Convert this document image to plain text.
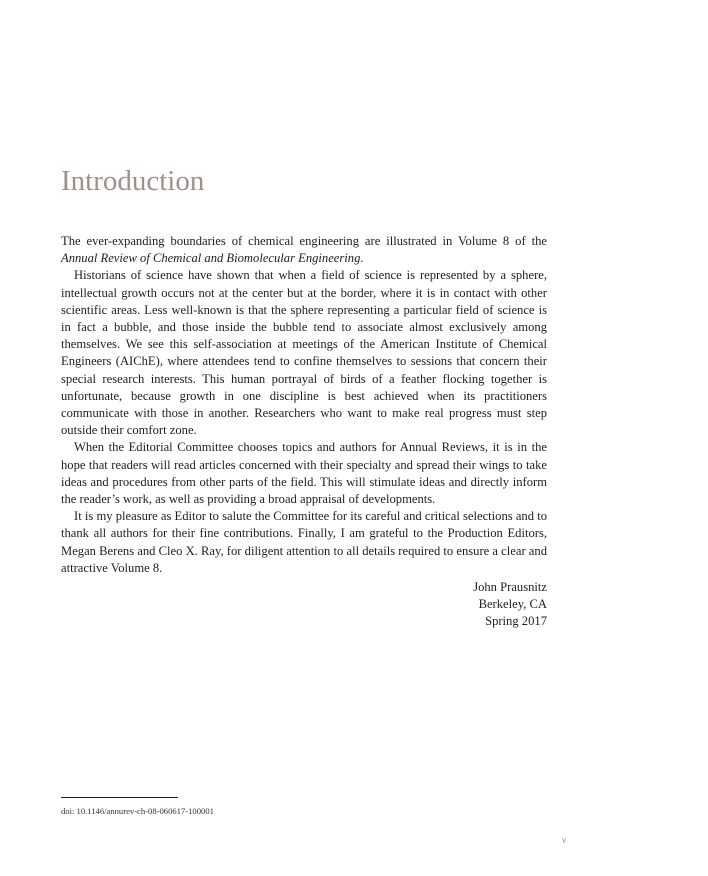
Introduction

The ever-expanding boundaries of chemical engineering are illustrated in Volume 8 of the Annual Review of Chemical and Biomolecular Engineering.

Historians of science have shown that when a field of science is represented by a sphere, intellectual growth occurs not at the center but at the border, where it is in contact with other scientific areas. Less well-known is that the sphere representing a particular field of science is in fact a bubble, and those inside the bubble tend to associate almost exclusively among themselves. We see this self-association at meetings of the American Institute of Chemical Engineers (AIChE), where attendees tend to confine themselves to sessions that concern their special research interests. This human portrayal of birds of a feather flocking together is unfortunate, because growth in one discipline is best achieved when its practitioners communicate with those in another. Researchers who want to make real progress must step outside their comfort zone.

When the Editorial Committee chooses topics and authors for Annual Reviews, it is in the hope that readers will read articles concerned with their specialty and spread their wings to take ideas and procedures from other parts of the field. This will stimulate ideas and directly inform the reader’s work, as well as providing a broad appraisal of developments.

It is my pleasure as Editor to salute the Committee for its careful and critical selections and to thank all authors for their fine contributions. Finally, I am grateful to the Production Editors, Megan Berens and Cleo X. Ray, for diligent attention to all details required to ensure a clear and attractive Volume 8.

John Prausnitz
Berkeley, CA
Spring 2017
doi: 10.1146/annurev-ch-08-060617-100001
v
